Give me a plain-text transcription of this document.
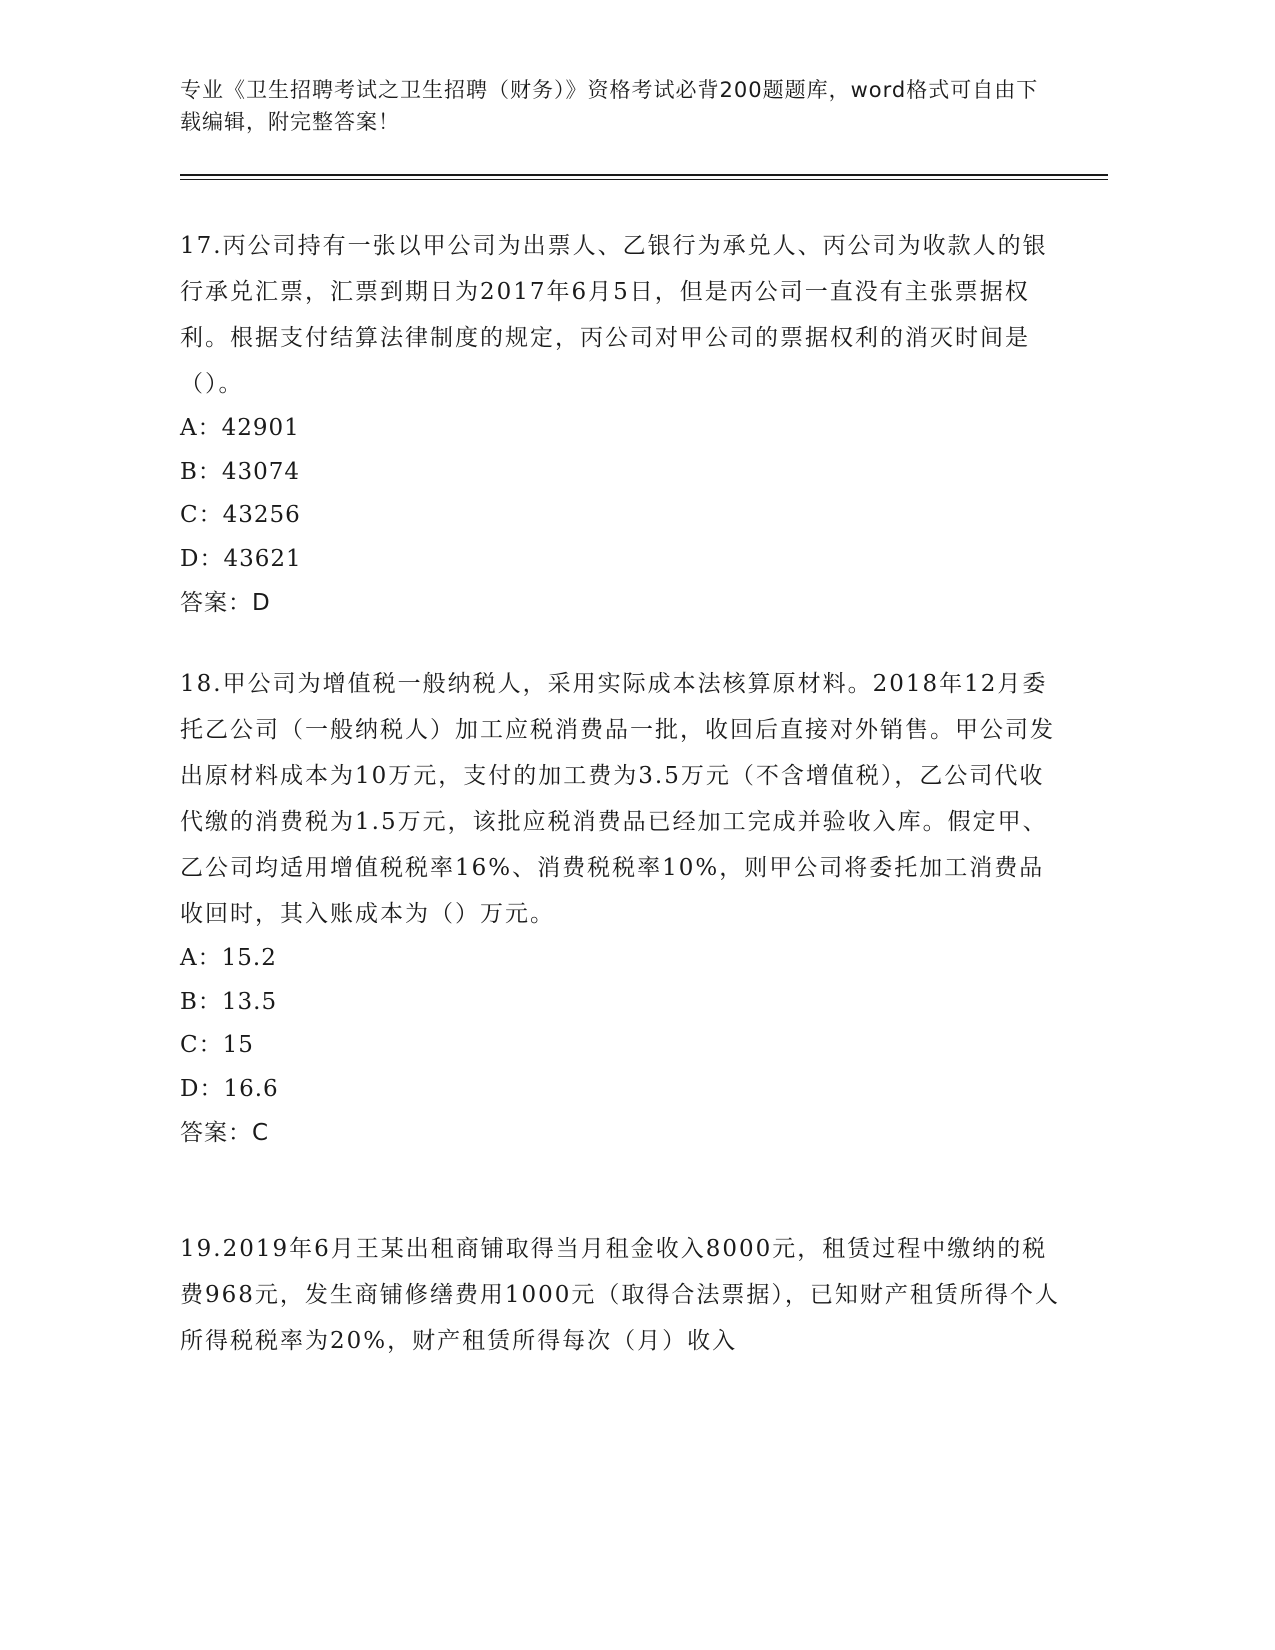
专业《卫生招聘考试之卫生招聘（财务）》资格考试必背200题题库，word格式可自由下载编辑，附完整答案！

17.丙公司持有一张以甲公司为出票人、乙银行为承兑人、丙公司为收款人的银行承兑汇票，汇票到期日为2017年6月5日，但是丙公司一直没有主张票据权利。根据支付结算法律制度的规定，丙公司对甲公司的票据权利的消灭时间是（）。

A：42901

B：43074

C：43256

D：43621

答案：D

18.甲公司为增值税一般纳税人，采用实际成本法核算原材料。2018年12月委托乙公司（一般纳税人）加工应税消费品一批，收回后直接对外销售。甲公司发出原材料成本为10万元，支付的加工费为3.5万元（不含增值税），乙公司代收代缴的消费税为1.5万元，该批应税消费品已经加工完成并验收入库。假定甲、乙公司均适用增值税税率16%、消费税税率10%，则甲公司将委托加工消费品收回时，其入账成本为（）万元。

A：15.2

B：13.5

C：15

D：16.6

答案：C

19.2019年6月王某出租商铺取得当月租金收入8000元，租赁过程中缴纳的税费968元，发生商铺修缮费用1000元（取得合法票据），已知财产租赁所得个人所得税税率为20%，财产租赁所得每次（月）收入
